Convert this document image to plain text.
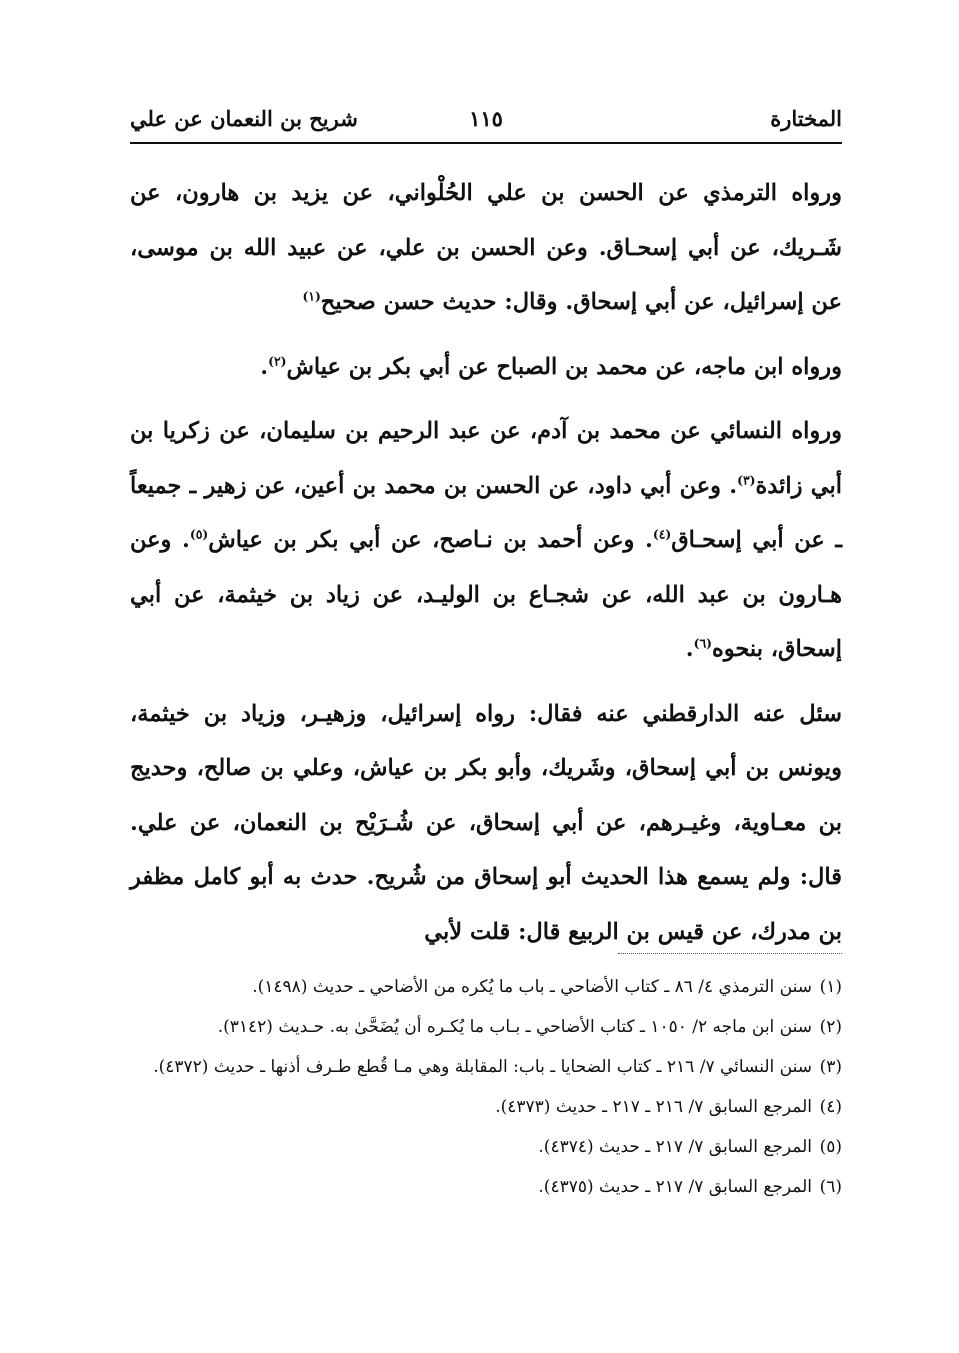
شريح بن النعمان عن علي	١١٥	المختارة

ورواه الترمذي عن الحسن بن علي الحُلْواني، عن يزيد بن هارون، عن شَـريك، عن أبي إسحـاق. وعن الحسن بن علي، عن عبيد الله بن موسى، عن إسرائيل، عن أبي إسحاق. وقال: حديث حسن صحيح$^{(١)}$

ورواه ابن ماجه، عن محمد بن الصباح عن أبي بكر بن عياش$^{(٢)}$.

ورواه النسائي عن محمد بن آدم، عن عبد الرحيم بن سليمان، عن زكريا بن أبي زائدة$^{(٣)}$. وعن أبي داود، عن الحسن بن محمد بن أعين، عن زهير ـ جميعاً ـ عن أبي إسحـاق$^{(٤)}$. وعن أحمد بن نـاصح، عن أبي بكر بن عياش$^{(٥)}$. وعن هـارون بن عبد الله، عن شجـاع بن الوليـد، عن زياد بن خيثمة، عن أبي إسحاق، بنحوه$^{(٦)}$.

سئل عنه الدارقطني عنه فقال: رواه إسرائيل، وزهيـر، وزياد بن خيثمة، ويونس بن أبي إسحاق، وشَريك، وأبو بكر بن عياش، وعلي بن صالح، وحديج بن معـاوية، وغيـرهم، عن أبي إسحاق، عن شُـرَيْح بن النعمان، عن علي. قال: ولم يسمع هذا الحديث أبو إسحاق من شُريح. حدث به أبو كامل مظفر بن مدرك، عن قيس بن الربيع قال: قلت لأبي

(١)
سنن الترمذي ٤/ ٨٦ ـ كتاب الأضاحي ـ باب ما يُكره من الأضاحي ـ حديث (١٤٩٨).

(٢)
سنن ابن ماجه ٢/ ١٠٥٠ ـ كتاب الأضاحي ـ بـاب ما يُكـره أن يُضَحَّىٰ به. حـديث (٣١٤٢).

(٣)
سنن النسائي ٧/ ٢١٦ ـ كتاب الضحايا ـ باب: المقابلة وهي مـا قُطع طـرف أذنها ـ حديث (٤٣٧٢).

(٤)
المرجع السابق ٧/ ٢١٦ ـ ٢١٧ ـ حديث (٤٣٧٣).

(٥)
المرجع السابق ٧/ ٢١٧ ـ حديث (٤٣٧٤).

(٦)
المرجع السابق ٧/ ٢١٧ ـ حديث (٤٣٧٥).
